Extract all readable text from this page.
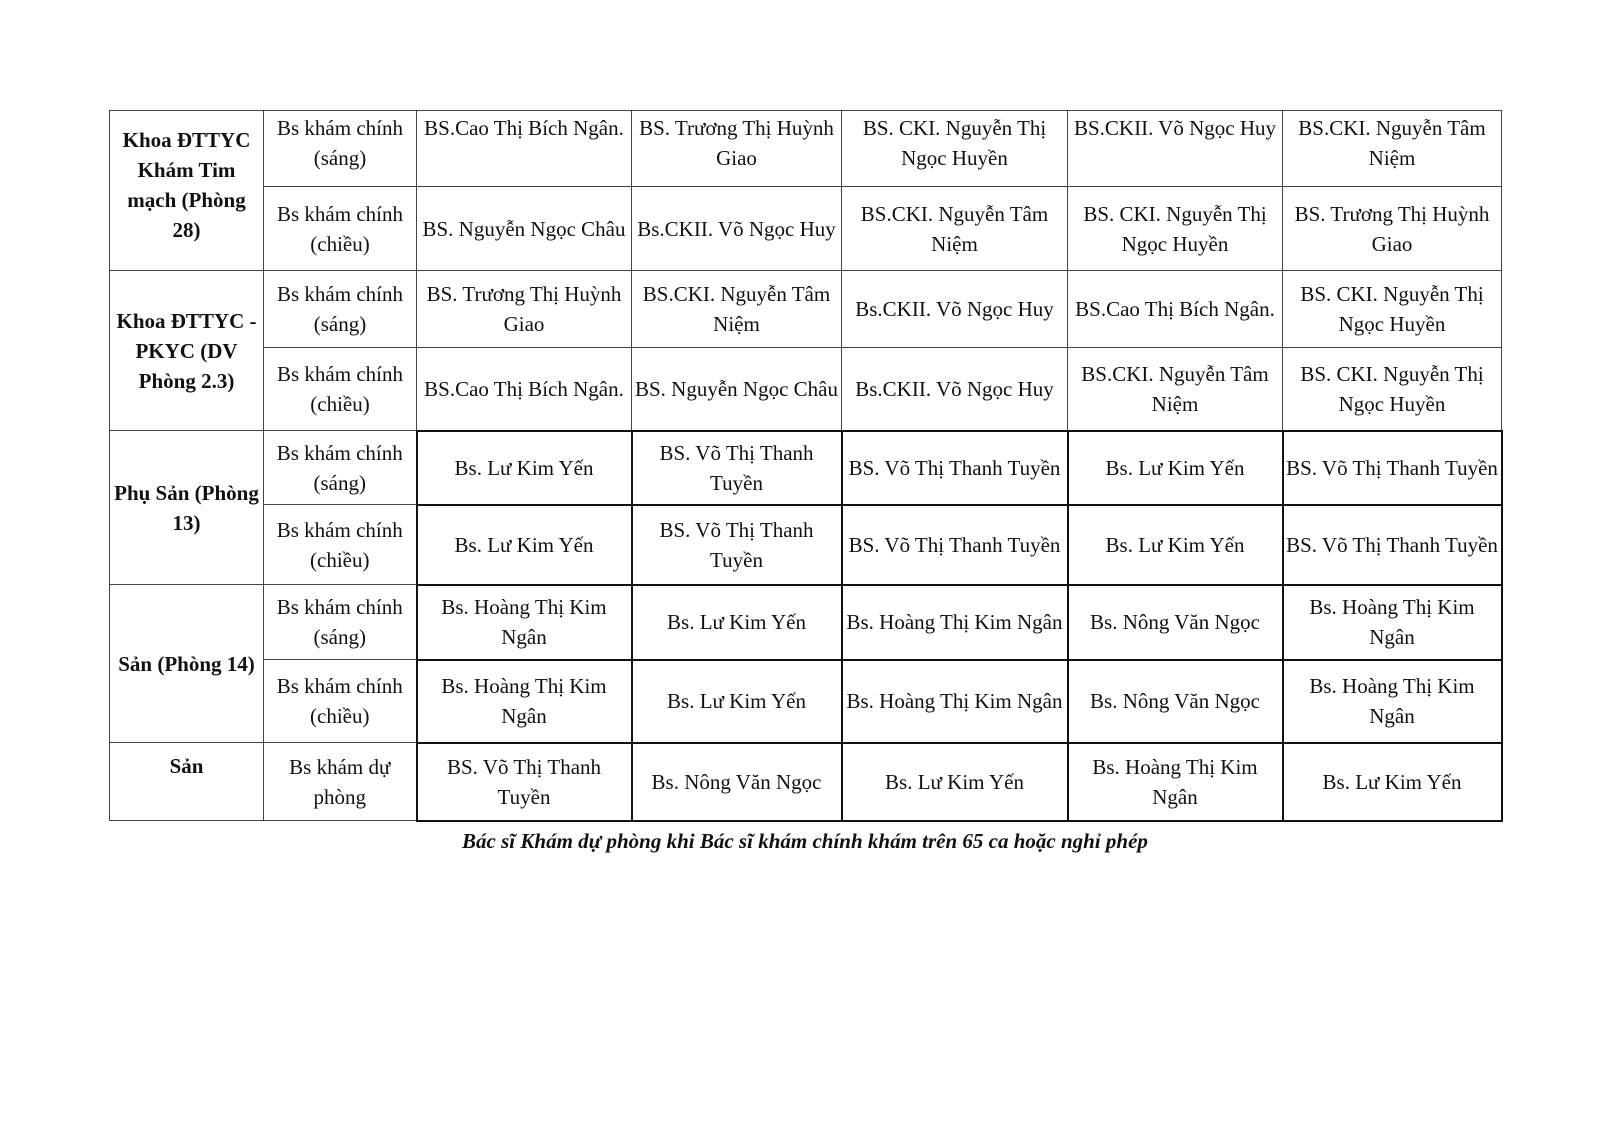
Khoa ĐTTYC Khám Tim mạch (Phòng 28)	Bs khám chính (sáng)	BS.Cao Thị Bích Ngân.	BS. Trương Thị Huỳnh Giao	BS. CKI. Nguyễn Thị Ngọc Huyền	BS.CKII. Võ Ngọc Huy	BS.CKI. Nguyễn Tâm Niệm
	Bs khám chính (chiều)	BS. Nguyễn Ngọc Châu	Bs.CKII. Võ Ngọc Huy	BS.CKI. Nguyễn Tâm Niệm	BS. CKI. Nguyễn Thị Ngọc Huyền	BS. Trương Thị Huỳnh Giao
Khoa ĐTTYC - PKYC (DV Phòng 2.3)	Bs khám chính (sáng)	BS. Trương Thị Huỳnh Giao	BS.CKI. Nguyễn Tâm Niệm	Bs.CKII. Võ Ngọc Huy	BS.Cao Thị Bích Ngân.	BS. CKI. Nguyễn Thị Ngọc Huyền
	Bs khám chính (chiều)	BS.Cao Thị Bích Ngân.	BS. Nguyễn Ngọc Châu	Bs.CKII. Võ Ngọc Huy	BS.CKI. Nguyễn Tâm Niệm	BS. CKI. Nguyễn Thị Ngọc Huyền
Phụ Sản (Phòng 13)	Bs khám chính (sáng)	Bs. Lư Kim Yến	BS. Võ Thị Thanh Tuyền	BS. Võ Thị Thanh Tuyền	Bs. Lư Kim Yến	BS. Võ Thị Thanh Tuyền
	Bs khám chính (chiều)	Bs. Lư Kim Yến	BS. Võ Thị Thanh Tuyền	BS. Võ Thị Thanh Tuyền	Bs. Lư Kim Yến	BS. Võ Thị Thanh Tuyền
Sản (Phòng 14)	Bs khám chính (sáng)	Bs. Hoàng Thị Kim Ngân	Bs. Lư Kim Yến	Bs. Hoàng Thị Kim Ngân	Bs. Nông Văn Ngọc	Bs. Hoàng Thị Kim Ngân
	Bs khám chính (chiều)	Bs. Hoàng Thị Kim Ngân	Bs. Lư Kim Yến	Bs. Hoàng Thị Kim Ngân	Bs. Nông Văn Ngọc	Bs. Hoàng Thị Kim Ngân
Sản	Bs khám dự phòng	BS. Võ Thị Thanh Tuyền	Bs. Nông Văn Ngọc	Bs. Lư Kim Yến	Bs. Hoàng Thị Kim Ngân	Bs. Lư Kim Yến
Bác sĩ Khám dự phòng khi Bác sĩ khám chính khám trên 65 ca hoặc nghỉ phép
